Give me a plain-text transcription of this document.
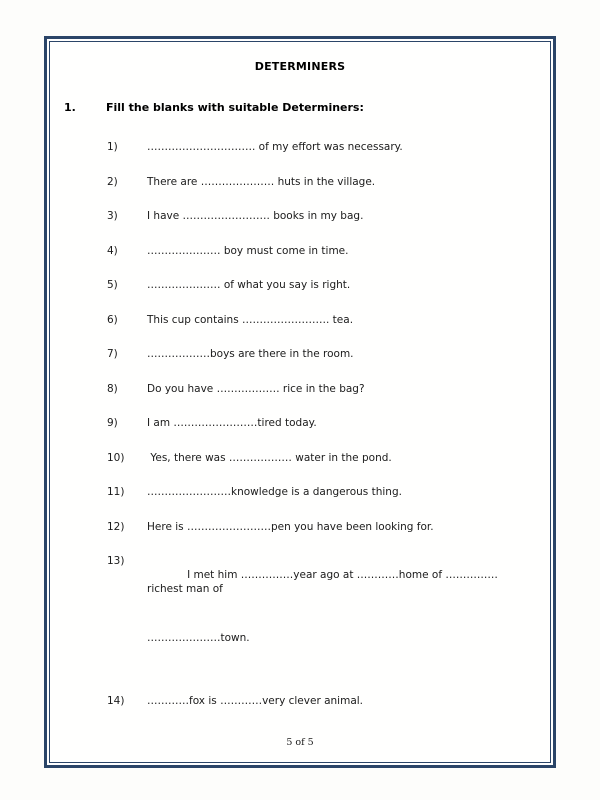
DETERMINERS
1.	Fill the blanks with suitable Determiners:
1)	…………………………. of my effort was necessary.
2)	There are ………………… huts in the village.
3)	I have ……………………. books in my bag.
4)	………………… boy must come in time.
5)	………………… of what you say is right.
6)	This cup contains ……………………. tea.
7)	………………boys are there in the room.
8)	Do you have ……………… rice in the bag?
9)	I am ……………………tired today.
10)	Yes, there was ……………… water in the pond.
11)	……………………knowledge is a dangerous thing.
12)	Here is ……………………pen you have been looking for.
13)

I met him ……………year ago at …………home of ……………richest man of

…………………town.

14)	…………fox is …………very clever animal.
5 of 5
